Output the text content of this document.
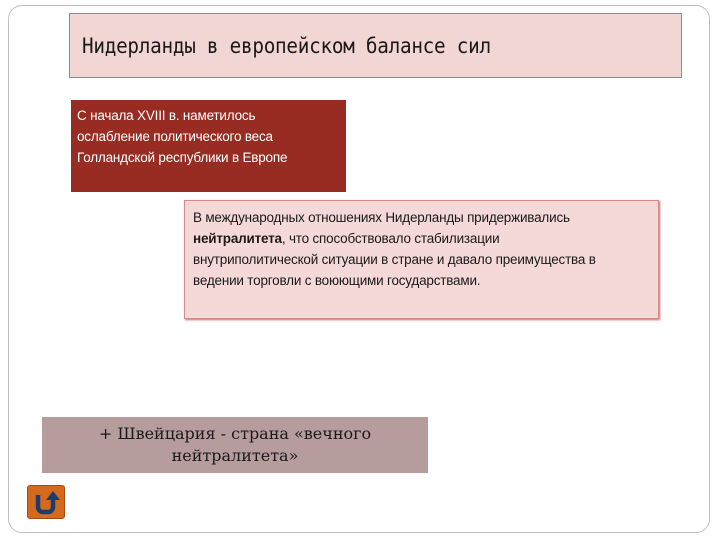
Нидерланды в европейском балансе сил
С начала XVIII в. наметилось
ослабление политического веса
Голландской республики в Европе
В международных отношениях Нидерланды придерживались
нейтралитета, что способствовало стабилизации
внутриполитической ситуации в стране и давало преимущества в
ведении торговли с воюющими государствами.
+ Швейцария - страна «вечного
нейтралитета»
